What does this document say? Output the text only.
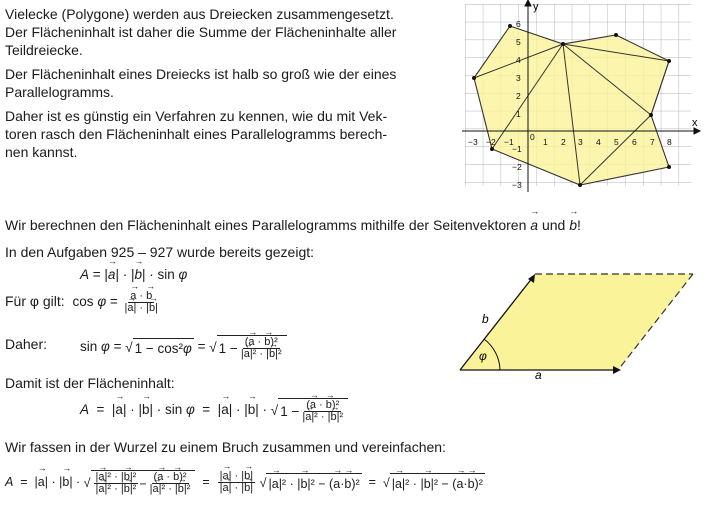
Vielecke (Polygone) werden aus Dreiecken zusammengesetzt.

Der Flächeninhalt ist daher die Summe der Flächeninhalte aller

Teildreiecke.

Der Flächeninhalt eines Dreiecks ist halb so groß wie der eines

Parallelogramms.

Daher ist es günstig ein Verfahren zu kennen, wie du mit Vek-

toren rasch den Flächeninhalt eines Parallelogramms berech-

nen kannst.

x
y
−3 −2 −1 0 1 2 3 4 5 6 7 8
6
5
4
3
2
1
−1
−2
−3

Wir berechnen den Flächeninhalt eines Parallelogramms mithilfe der Seitenvektoren a → und b →!

In den Aufgaben 925 – 927 wurde bereits gezeigt:

A = |a →| · |b →| · sin φ
Für φ gilt: $\cos \varphi = \frac{a \to \cdot b \to}{|a \to| \cdot |b \to|}$
Daher: sin φ = √ 1 − cos² φ = √ $1 - \frac{\text{(a → · b →)²}}{\text{|a →|² · |b →|²}}$

Damit ist der Flächeninhalt:

A  =  |a →| · |b →| · sin φ  =  |a →| · |b →| · √ $1 - \frac{\text{(a → · b →)²}}{\text{|a →|² · |b →|²}}$

Wir fassen in der Wurzel zu einem Bruch zusammen und vereinfachen:

A  =  |a →| · |b →| · √ $\frac{\text{|a →|² · |b →|²}}{\text{|a →|² · |b →|²}} - \frac{\text{(a → · b →)²}}{\text{|a →|² · |b →|²}} = \frac{|a \to| \cdot |b \to|}{|a \to| \cdot |b \to|}$ √ | a → |² · | b → |² − ( a → · b → )² =  √ | a → |² · | b → |² − ( a → · b → )²
φ
a
b
